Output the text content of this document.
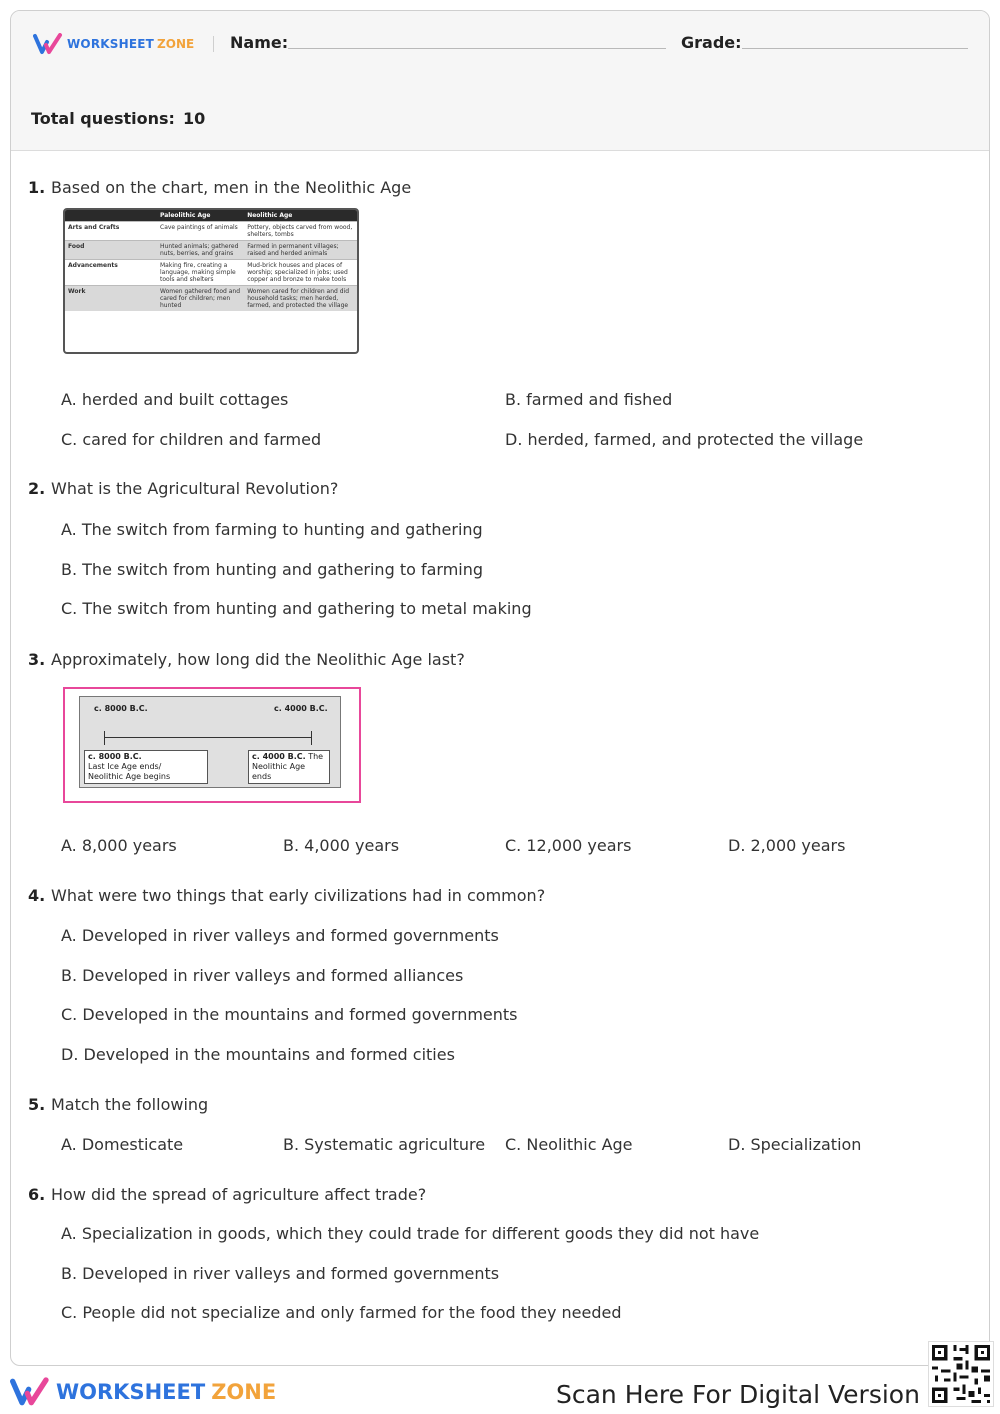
WORKSHEET ZONE Name:	Grade:
Total questions: 10
1. Based on the chart, men in the Neolithic Age
	Paleolithic Age	Neolithic Age
Arts and Crafts	Cave paintings of animals	Pottery, objects carved from wood, shelters, tombs
Food	Hunted animals; gathered nuts, berries, and grains	Farmed in permanent villages; raised and herded animals
Advancements	Making fire, creating a language, making simple tools and shelters	Mud-brick houses and places of worship; specialized in jobs; used copper and bronze to make tools
Work	Women gathered food and cared for children; men hunted	Women cared for children and did household tasks; men herded, farmed, and protected the village
A. herded and built cottages	B. farmed and fished
C. cared for children and farmed	D. herded, farmed, and protected the village
2. What is the Agricultural Revolution?
A. The switch from farming to hunting and gathering
B. The switch from hunting and gathering to farming
C. The switch from hunting and gathering to metal making
3. Approximately, how long did the Neolithic Age last?
c. 8000 B.C.	c. 4000 B.C.
c. 8000 B.C.
Last Ice Age ends/
Neolithic Age begins
c. 4000 B.C. The
Neolithic Age
ends
A. 8,000 years	B. 4,000 years	C. 12,000 years	D. 2,000 years
4. What were two things that early civilizations had in common?
A. Developed in river valleys and formed governments
B. Developed in river valleys and formed alliances
C. Developed in the mountains and formed governments
D. Developed in the mountains and formed cities
5. Match the following
A. Domesticate	B. Systematic agriculture C. Neolithic Age	D. Specialization
6. How did the spread of agriculture affect trade?
A. Specialization in goods, which they could trade for different goods they did not have
B. Developed in river valleys and formed governments
C. People did not specialize and only farmed for the food they needed
WORKSHEET ZONE	Scan Here For Digital Version
